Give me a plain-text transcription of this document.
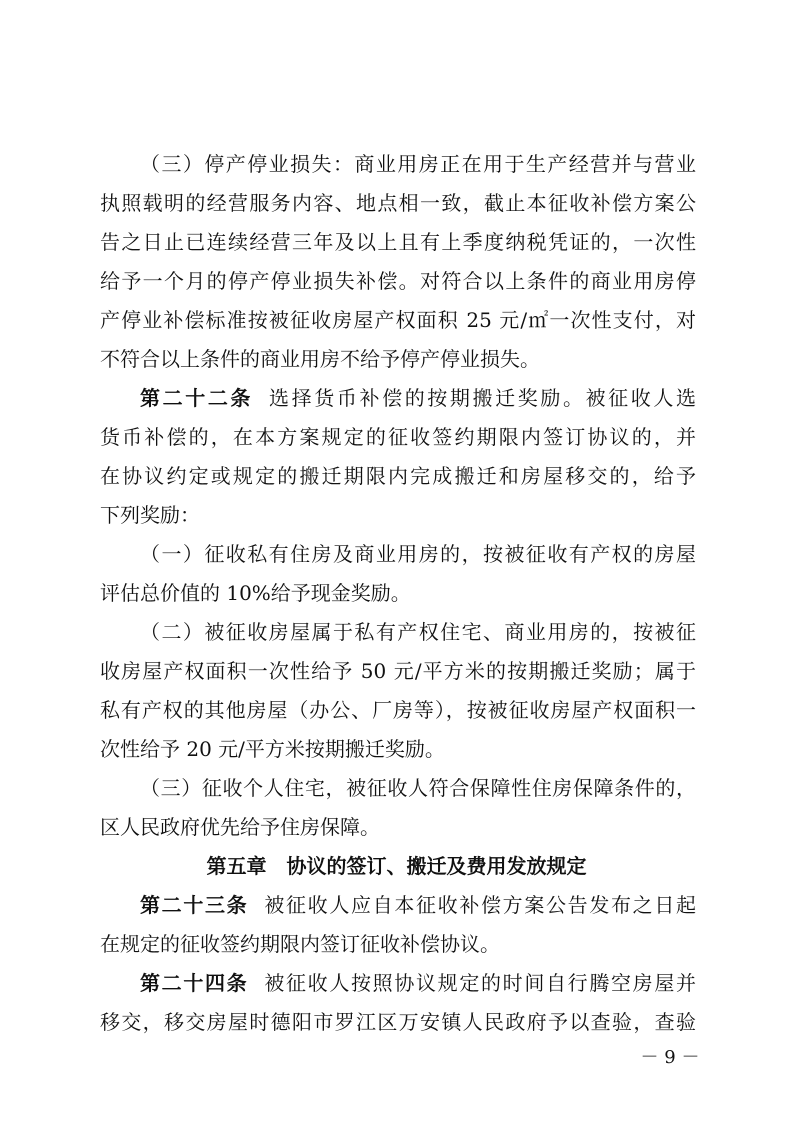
（三）停产停业损失：商业用房正在用于生产经营并与营业
执照载明的经营服务内容、地点相一致，截止本征收补偿方案公
告之日止已连续经营三年及以上且有上季度纳税凭证的，一次性
给予一个月的停产停业损失补偿。对符合以上条件的商业用房停
产停业补偿标准按被征收房屋产权面积 25 元/㎡一次性支付，对
不符合以上条件的商业用房不给予停产停业损失。
第二十二条 选择货币补偿的按期搬迁奖励。被征收人选
货币补偿的，在本方案规定的征收签约期限内签订协议的，并
在协议约定或规定的搬迁期限内完成搬迁和房屋移交的，给予
下列奖励：
（一）征收私有住房及商业用房的，按被征收有产权的房屋
评估总价值的 10%给予现金奖励。
（二）被征收房屋属于私有产权住宅、商业用房的，按被征
收房屋产权面积一次性给予 50 元/平方米的按期搬迁奖励；属于
私有产权的其他房屋（办公、厂房等），按被征收房屋产权面积一
次性给予 20 元/平方米按期搬迁奖励。
（三）征收个人住宅，被征收人符合保障性住房保障条件的，
区人民政府优先给予住房保障。
第五章　协议的签订、搬迁及费用发放规定
第二十三条 被征收人应自本征收补偿方案公告发布之日起
在规定的征收签约期限内签订征收补偿协议。
第二十四条 被征收人按照协议规定的时间自行腾空房屋并
移交，移交房屋时德阳市罗江区万安镇人民政府予以查验，查验
－ 9 －
